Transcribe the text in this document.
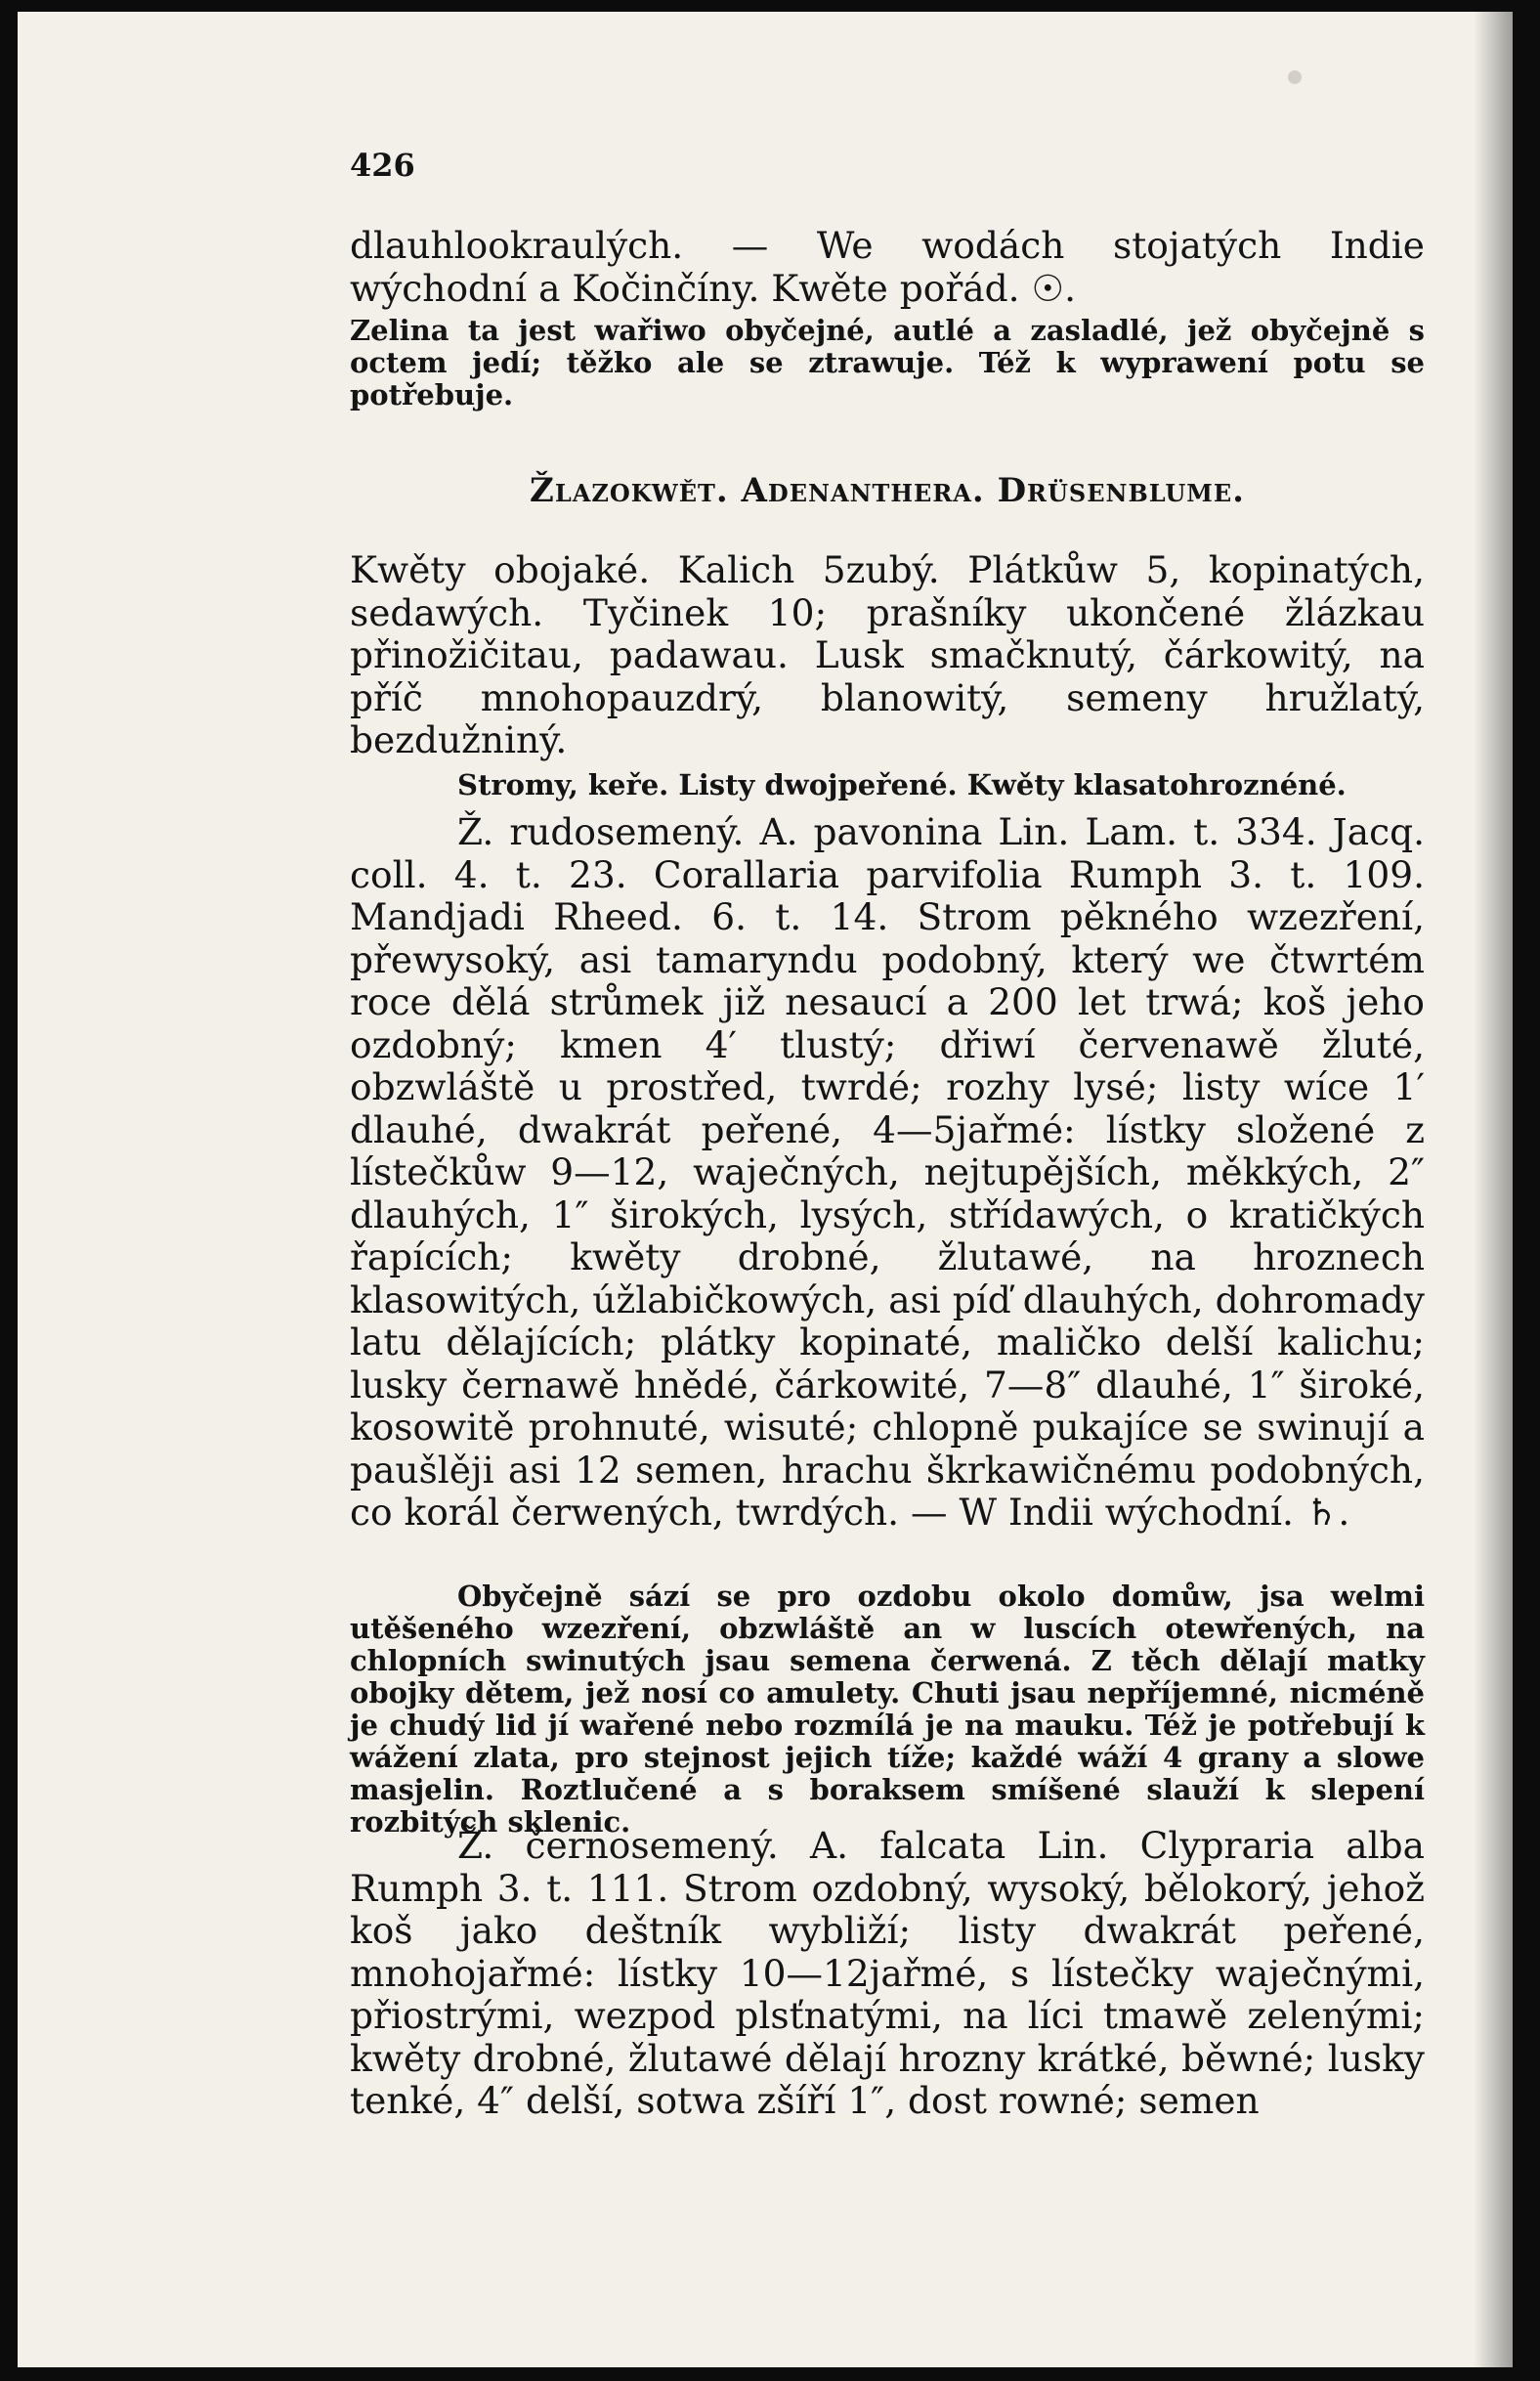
426

dlauhlookraulých. — We wodách stojatých Indie wýchodní a Kočinčíny. Kwěte pořád. ☉.

Zelina ta jest wařiwo obyčejné, autlé a zasladlé, jež obyčejně s octem jedí; těžko ale se ztrawuje. Též k wyprawení potu se potřebuje.

Žlazokwět. Adenanthera. Drüsenblume.

Kwěty obojaké. Kalich 5zubý. Plátkůw 5, kopinatých, sedawých. Tyčinek 10; prašníky ukončené žlázkau přinožičitau, padawau. Lusk smačknutý, čárkowitý, na příč mnohopauzdrý, blanowitý, semeny hružlatý, bezdužniný.

Stromy, keře. Listy dwojpeřené. Kwěty klasatohroznéné.

Ž. rudosemený. A. pavonina Lin. Lam. t. 334. Jacq. coll. 4. t. 23. Corallaria parvifolia Rumph 3. t. 109. Mandjadi Rheed. 6. t. 14. Strom pěkného wzezření, přewysoký, asi tamaryndu podobný, který we čtwrtém roce dělá strůmek již nesaucí a 200 let trwá; koš jeho ozdobný; kmen 4′ tlustý; dřiwí červenawě žluté, obzwláště u prostřed, twrdé; rozhy lysé; listy wíce 1′ dlauhé, dwakrát peřené, 4—5jařmé: lístky složené z lístečkůw 9—12, waječných, nejtupějších, měkkých, 2″ dlauhých, 1″ širokých, lysých, střídawých, o kratičkých řapících; kwěty drobné, žlutawé, na hroznech klasowitých, úžlabičkowých, asi píď dlauhých, dohromady latu dělajících; plátky kopinaté, maličko delší kalichu; lusky černawě hnědé, čárkowité, 7—8″ dlauhé, 1″ široké, kosowitě prohnuté, wisuté; chlopně pukajíce se swinují a paušlěji asi 12 semen, hrachu škrkawičnému podobných, co korál čerwených, twrdých. — W Indii wýchodní. ♄.

Obyčejně sází se pro ozdobu okolo domůw, jsa welmi utěšeného wzezření, obzwláště an w luscích otewřených, na chlopních swinutých jsau semena čerwená. Z těch dělají matky obojky dětem, jež nosí co amulety. Chuti jsau nepříjemné, nicméně je chudý lid jí wařené nebo rozmílá je na mauku. Též je potřebují k wážení zlata, pro stejnost jejich tíže; každé wáží 4 grany a slowe masjelin. Roztlučené a s boraksem smíšené slauží k slepení rozbitých sklenic.

Ž. černosemený. A. falcata Lin. Clypraria alba Rumph 3. t. 111. Strom ozdobný, wysoký, bělokorý, jehož koš jako deštník wybliží; listy dwakrát peřené, mnohojařmé: lístky 10—12jařmé, s lístečky waječnými, přiostrými, wezpod plsťnatými, na líci tmawě zelenými; kwěty drobné, žlutawé dělají hrozny krátké, běwné; lusky tenké, 4″ delší, sotwa zšíří 1″, dost rowné; semen
